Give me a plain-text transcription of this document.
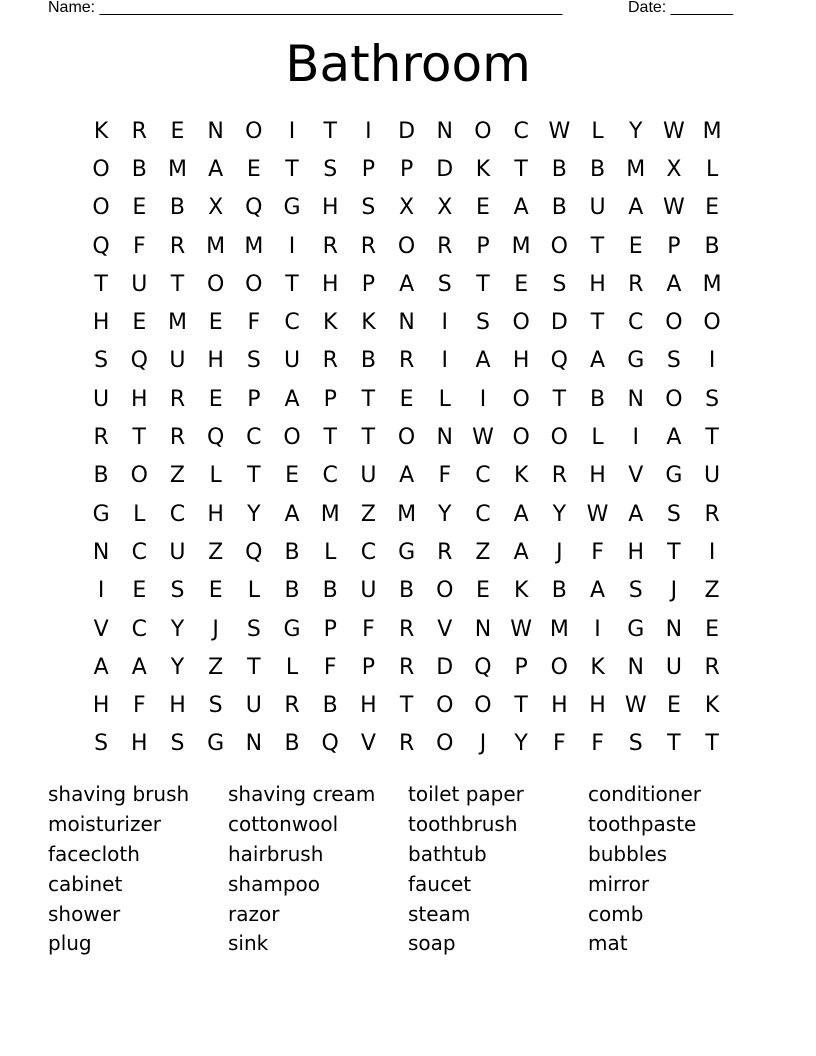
Name: ____________________________________________________	Date: _______
Bathroom
K	R	E	N O	I	T	I	D N O C W L	Y W M
O B M A	E	T	S	P	P	D	K	T	B	B M X	L
O	E	B	X Q G H	S	X	X	E	A	B	U	A W E
Q	F	R M M	I	R	R O R	P	M O	T	E	P	B
T	U	T	O O	T	H	P	A	S	T	E	S	H	R	A M
H	E M E	F	C	K	K	N	I	S	O D	T	C O O
S	Q U H	S	U	R	B	R	I	A	H Q	A	G	S	I
U H	R	E	P	A	P	T	E	L	I	O	T	B	N O	S
R	T	R Q C O	T	T	O N W O O	L	I	A	T
B O Z	L	T	E	C	U	A	F	C	K	R	H	V	G U
G	L	C	H	Y	A M Z M Y	C	A	Y W A	S	R
N	C	U	Z Q B	L	C G	R	Z	A	J	F	H	T	I
I	E	S	E	L	B	B	U	B O	E	K	B	A	S	J	Z
V	C	Y	J	S	G	P	F	R	V	N W M	I	G N	E
A	A	Y	Z	T	L	F	P	R	D Q	P	O	K	N U	R
H	F	H	S	U	R	B	H	T	O O	T	H H W E	K
S	H	S	G N	B Q	V	R O	J	Y	F	F	S	T	T
shaving brush	shaving cream	toilet paper	conditioner
moisturizer	cottonwool	toothbrush	toothpaste
facecloth	hairbrush	bathtub	bubbles
cabinet	shampoo	faucet	mirror
shower	razor	steam	comb
plug	sink	soap	mat
